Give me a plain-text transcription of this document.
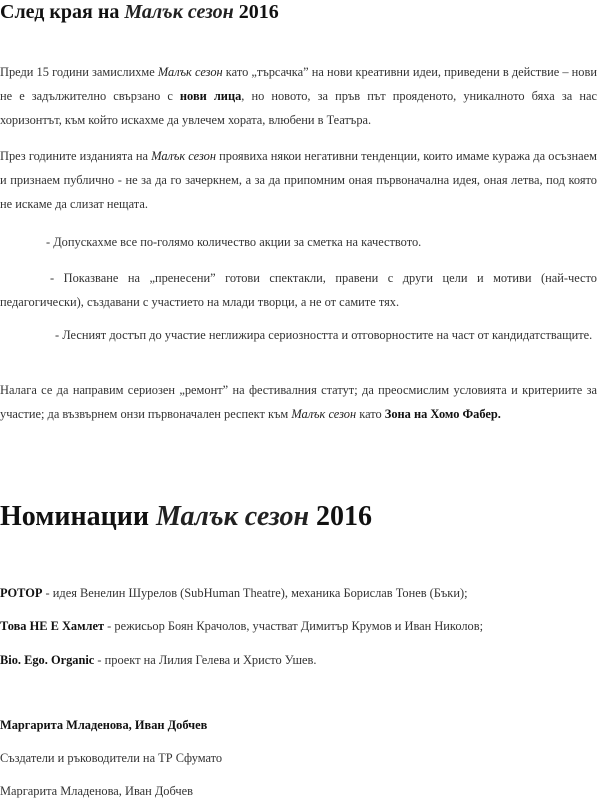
След края на Малък сезон 2016

Преди 15 години замислихме Малък сезон като „търсачка” на нови креативни идеи, приведени в действие – нови не е задължително свързано с нови лица, но новото, за пръв път прояденото, уникалното бяха за нас хоризонтът, към който искахме да увлечем хората, влюбени в Театъра.

През годините изданията на Малък сезон проявиха някои негативни тенденции, които имаме куража да осъзнаем и признаем публично - не за да го зачеркнем, а за да припомним оная първоначална идея, оная летва, под която не искаме да слизат нещата.

- Допускахме все по-голямо количество акции за сметка на качеството.

- Показване на „пренесени” готови спектакли, правени с други цели и мотиви (най-често педагогически), създавани с участието на млади творци, а не от самите тях.

- Лесният достъп до участие неглижира сериозността и отговорностите на част от кандидатстващите.

Налага се да направим сериозен „ремонт” на фестивалния статут; да преосмислим условията и критериите за участие; да възвърнем онзи първоначален респект към Малък сезон като Зона на Хомо Фабер.

Номинации Малък сезон 2016

РОТОР - идея Венелин Шурелов (SubHuman Theatre), механика Борислав Тонев (Бъки);

Това НЕ Е Хамлет - режисьор Боян Крачолов, участват Димитър Крумов и Иван Николов;

Bio. Ego. Organic - проект на Лилия Гелева и Христо Ушев.

Маргарита Младенова, Иван Добчев

Създатели и ръководители на ТР Сфумато

Маргарита Младенова, Иван Добчев
